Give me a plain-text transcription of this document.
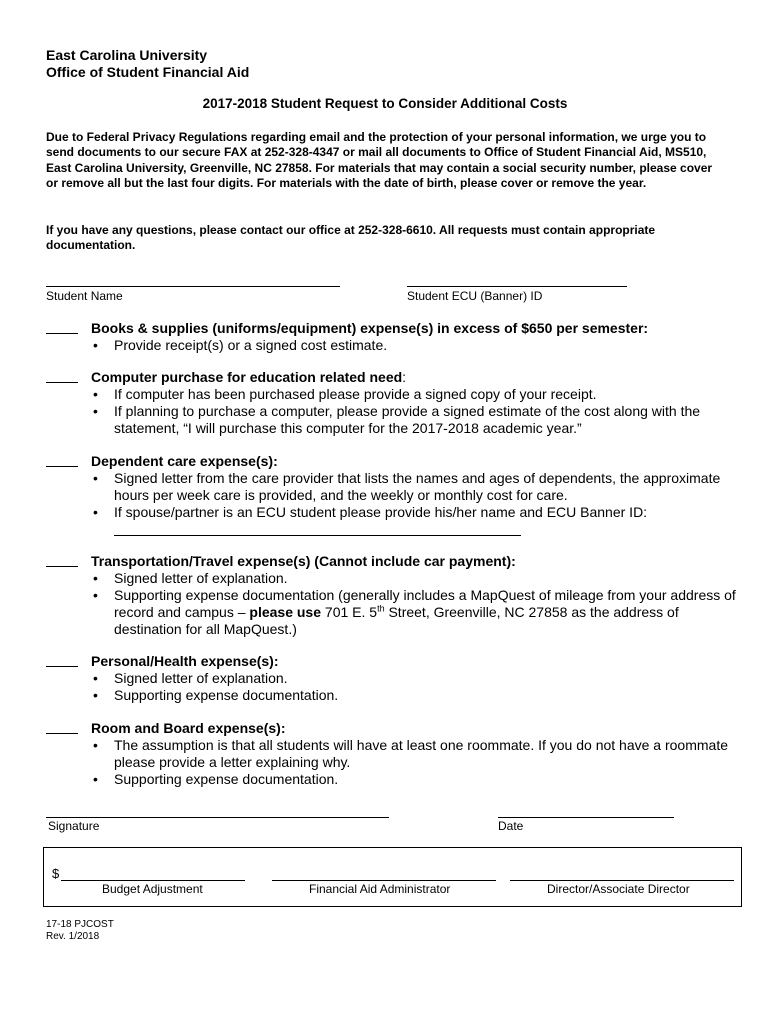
East Carolina University
Office of Student Financial Aid
2017-2018 Student Request to Consider Additional Costs

Due to Federal Privacy Regulations regarding email and the protection of your personal information, we urge you to send documents to our secure FAX at 252-328-4347 or mail all documents to Office of Student Financial Aid, MS510, East Carolina University, Greenville, NC 27858. For materials that may contain a social security number, please cover or remove all but the last four digits. For materials with the date of birth, please cover or remove the year.

If you have any questions, please contact our office at 252-328-6610. All requests must contain appropriate documentation.

Student Name	Student ECU (Banner) ID
Books & supplies (uniforms/equipment) expense(s) in excess of $650 per semester:
• Provide receipt(s) or a signed cost estimate.
Computer purchase for education related need:
• If computer has been purchased please provide a signed copy of your receipt.
• If planning to purchase a computer, please provide a signed estimate of the cost along with the statement, “I will purchase this computer for the 2017-2018 academic year.”
Dependent care expense(s):
• Signed letter from the care provider that lists the names and ages of dependents, the approximate hours per week care is provided, and the weekly or monthly cost for care.
• If spouse/partner is an ECU student please provide his/her name and ECU Banner ID:
Transportation/Travel expense(s) (Cannot include car payment):
• Signed letter of explanation.
• Supporting expense documentation (generally includes a MapQuest of mileage from your address of record and campus – please use 701 E. 5th Street, Greenville, NC 27858 as the address of destination for all MapQuest.)
Personal/Health expense(s):
• Signed letter of explanation.
• Supporting expense documentation.
Room and Board expense(s):
• The assumption is that all students will have at least one roommate. If you do not have a roommate please provide a letter explaining why.
• Supporting expense documentation.
Signature	Date
$
Budget Adjustment	Financial Aid Administrator	Director/Associate Director
17-18 PJCOST
Rev. 1/2018
